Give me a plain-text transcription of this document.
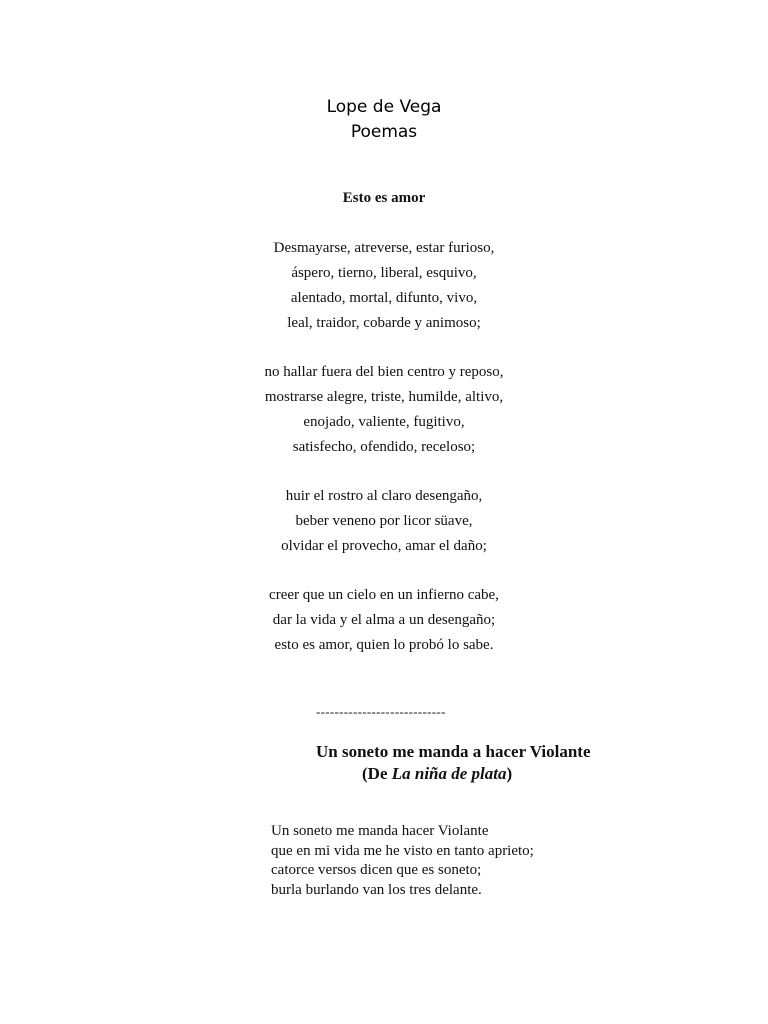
Lope de Vega
Poemas
Esto es amor
Desmayarse, atreverse, estar furioso,
áspero, tierno, liberal, esquivo,
alentado, mortal, difunto, vivo,
leal, traidor, cobarde y animoso;
no hallar fuera del bien centro y reposo,
mostrarse alegre, triste, humilde, altivo,
enojado, valiente, fugitivo,
satisfecho, ofendido, receloso;
huir el rostro al claro desengaño,
beber veneno por licor süave,
olvidar el provecho, amar el daño;
creer que un cielo en un infierno cabe,
dar la vida y el alma a un desengaño;
esto es amor, quien lo probó lo sabe.
----------------------------
Un soneto me manda a hacer Violante
(De La niña de plata)
Un soneto me manda hacer Violante
que en mi vida me he visto en tanto aprieto;
catorce versos dicen que es soneto;
burla burlando van los tres delante.
